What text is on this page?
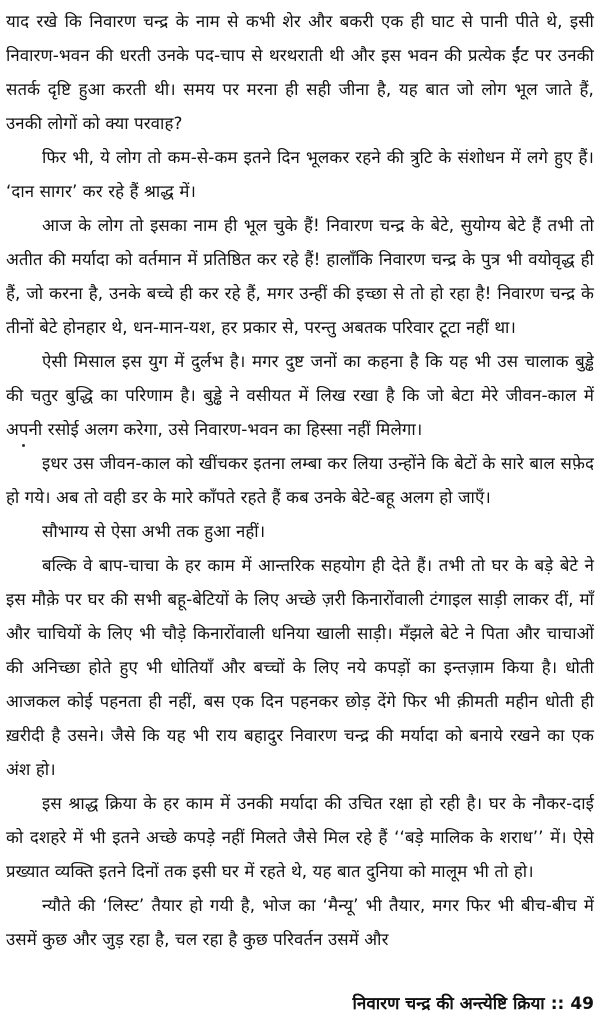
याद रखे कि निवारण चन्द्र के नाम से कभी शेर और बकरी एक ही घाट से पानी पीते थे, इसी निवारण-भवन की धरती उनके पद-चाप से थरथराती थी और इस भवन की प्रत्येक ईंट पर उनकी सतर्क दृष्टि हुआ करती थी। समय पर मरना ही सही जीना है, यह बात जो लोग भूल जाते हैं, उनकी लोगों को क्या परवाह?

फिर भी, ये लोग तो कम-से-कम इतने दिन भूलकर रहने की त्रुटि के संशोधन में लगे हुए हैं। ‘दान सागर’ कर रहे हैं श्राद्ध में।

आज के लोग तो इसका नाम ही भूल चुके हैं! निवारण चन्द्र के बेटे, सुयोग्य बेटे हैं तभी तो अतीत की मर्यादा को वर्तमान में प्रतिष्ठित कर रहे हैं! हालाँकि निवारण चन्द्र के पुत्र भी वयोवृद्ध ही हैं, जो करना है, उनके बच्चे ही कर रहे हैं, मगर उन्हीं की इच्छा से तो हो रहा है! निवारण चन्द्र के तीनों बेटे होनहार थे, धन-मान-यश, हर प्रकार से, परन्तु अबतक परिवार टूटा नहीं था।

ऐसी मिसाल इस युग में दुर्लभ है। मगर दुष्ट जनों का कहना है कि यह भी उस चालाक बुड्ढे की चतुर बुद्धि का परिणाम है। बुड्ढे ने वसीयत में लिख रखा है कि जो बेटा मेरे जीवन-काल में अपनी रसोई अलग करेगा, उसे निवारण-भवन का हिस्सा नहीं मिलेगा।

इधर उस जीवन-काल को खींचकर इतना लम्बा कर लिया उन्होंने कि बेटों के सारे बाल सफ़ेद हो गये। अब तो वही डर के मारे काँपते रहते हैं कब उनके बेटे-बहू अलग हो जाएँ।

सौभाग्य से ऐसा अभी तक हुआ नहीं।

बल्कि वे बाप-चाचा के हर काम में आन्तरिक सहयोग ही देते हैं। तभी तो घर के बड़े बेटे ने इस मौक़े पर घर की सभी बहू-बेटियों के लिए अच्छे ज़री किनारोंवाली टंगाइल साड़ी लाकर दीं, माँ और चाचियों के लिए भी चौड़े किनारोंवाली धनिया खाली साड़ी। मँझले बेटे ने पिता और चाचाओं की अनिच्छा होते हुए भी धोतियाँ और बच्चों के लिए नये कपड़ों का इन्तज़ाम किया है। धोती आजकल कोई पहनता ही नहीं, बस एक दिन पहनकर छोड़ देंगे फिर भी क़ीमती महीन धोती ही ख़रीदी है उसने। जैसे कि यह भी राय बहादुर निवारण चन्द्र की मर्यादा को बनाये रखने का एक अंश हो।

इस श्राद्ध क्रिया के हर काम में उनकी मर्यादा की उचित रक्षा हो रही है। घर के नौकर-दाई को दशहरे में भी इतने अच्छे कपड़े नहीं मिलते जैसे मिल रहे हैं ‘‘बड़े मालिक के शराध’’ में। ऐसे प्रख्यात व्यक्ति इतने दिनों तक इसी घर में रहते थे, यह बात दुनिया को मालूम भी तो हो।

न्यौते की ‘लिस्ट’ तैयार हो गयी है, भोज का ‘मैन्यू’ भी तैयार, मगर फिर भी बीच-बीच में उसमें कुछ और जुड़ रहा है, चल रहा है कुछ परिवर्तन उसमें और

निवारण चन्द्र की अन्त्येष्टि क्रिया :: 49
